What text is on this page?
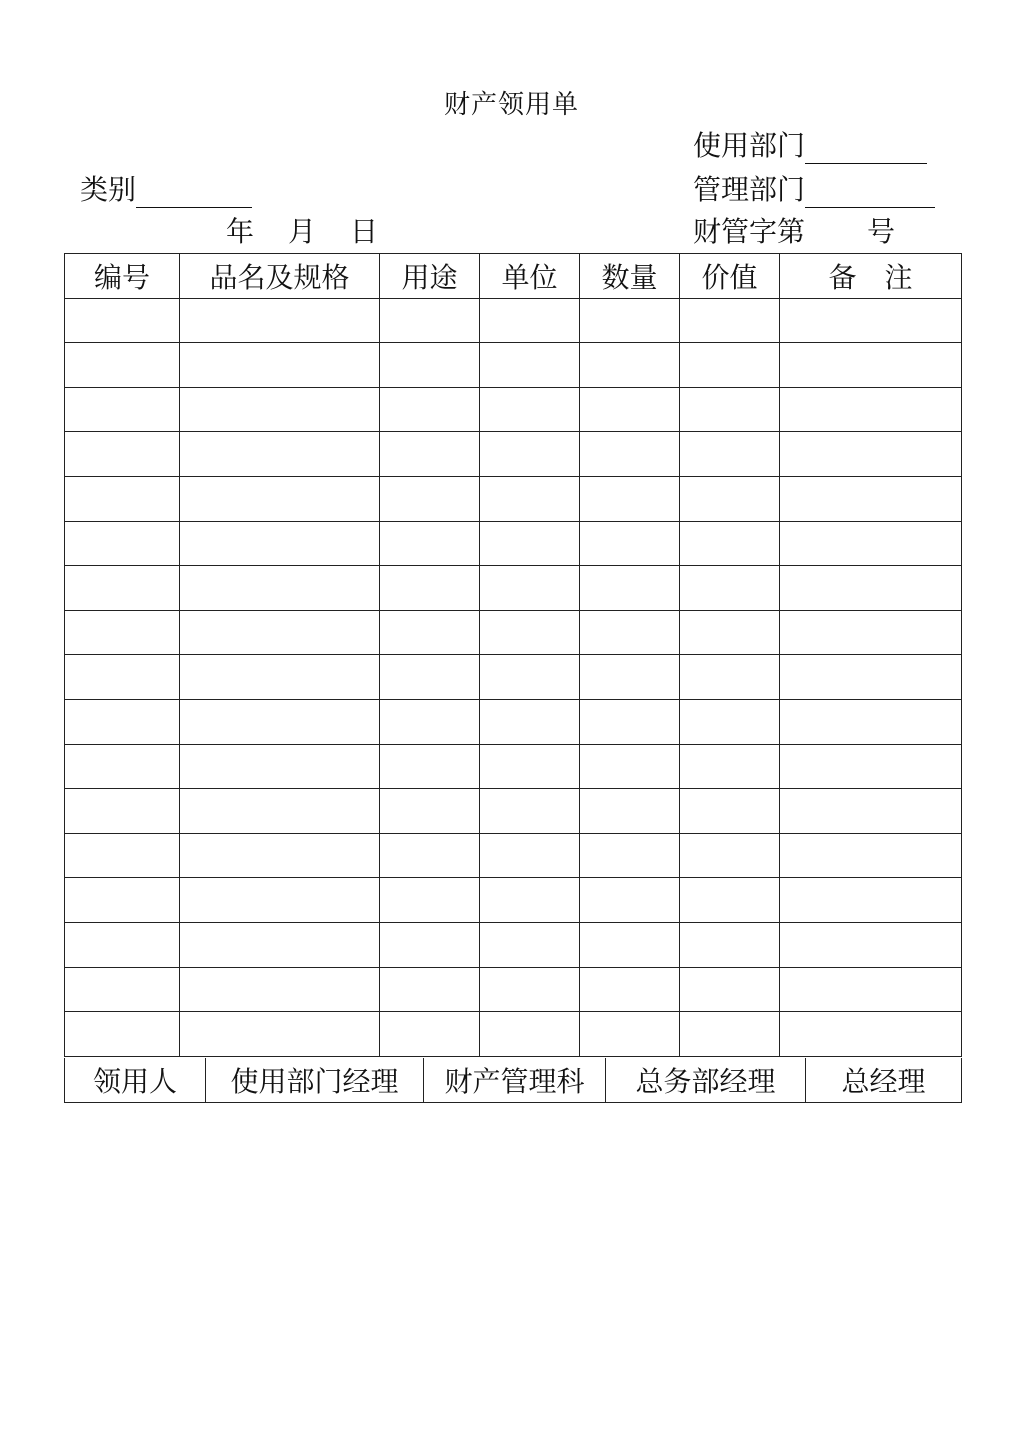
财产领用单
使用部门
类别	管理部门
年 月 日	财管字第 号
编号	品名及规格	用途	单位	数量	价值	备　注

领用人	使用部门经理	财产管理科	总务部经理	总经理
